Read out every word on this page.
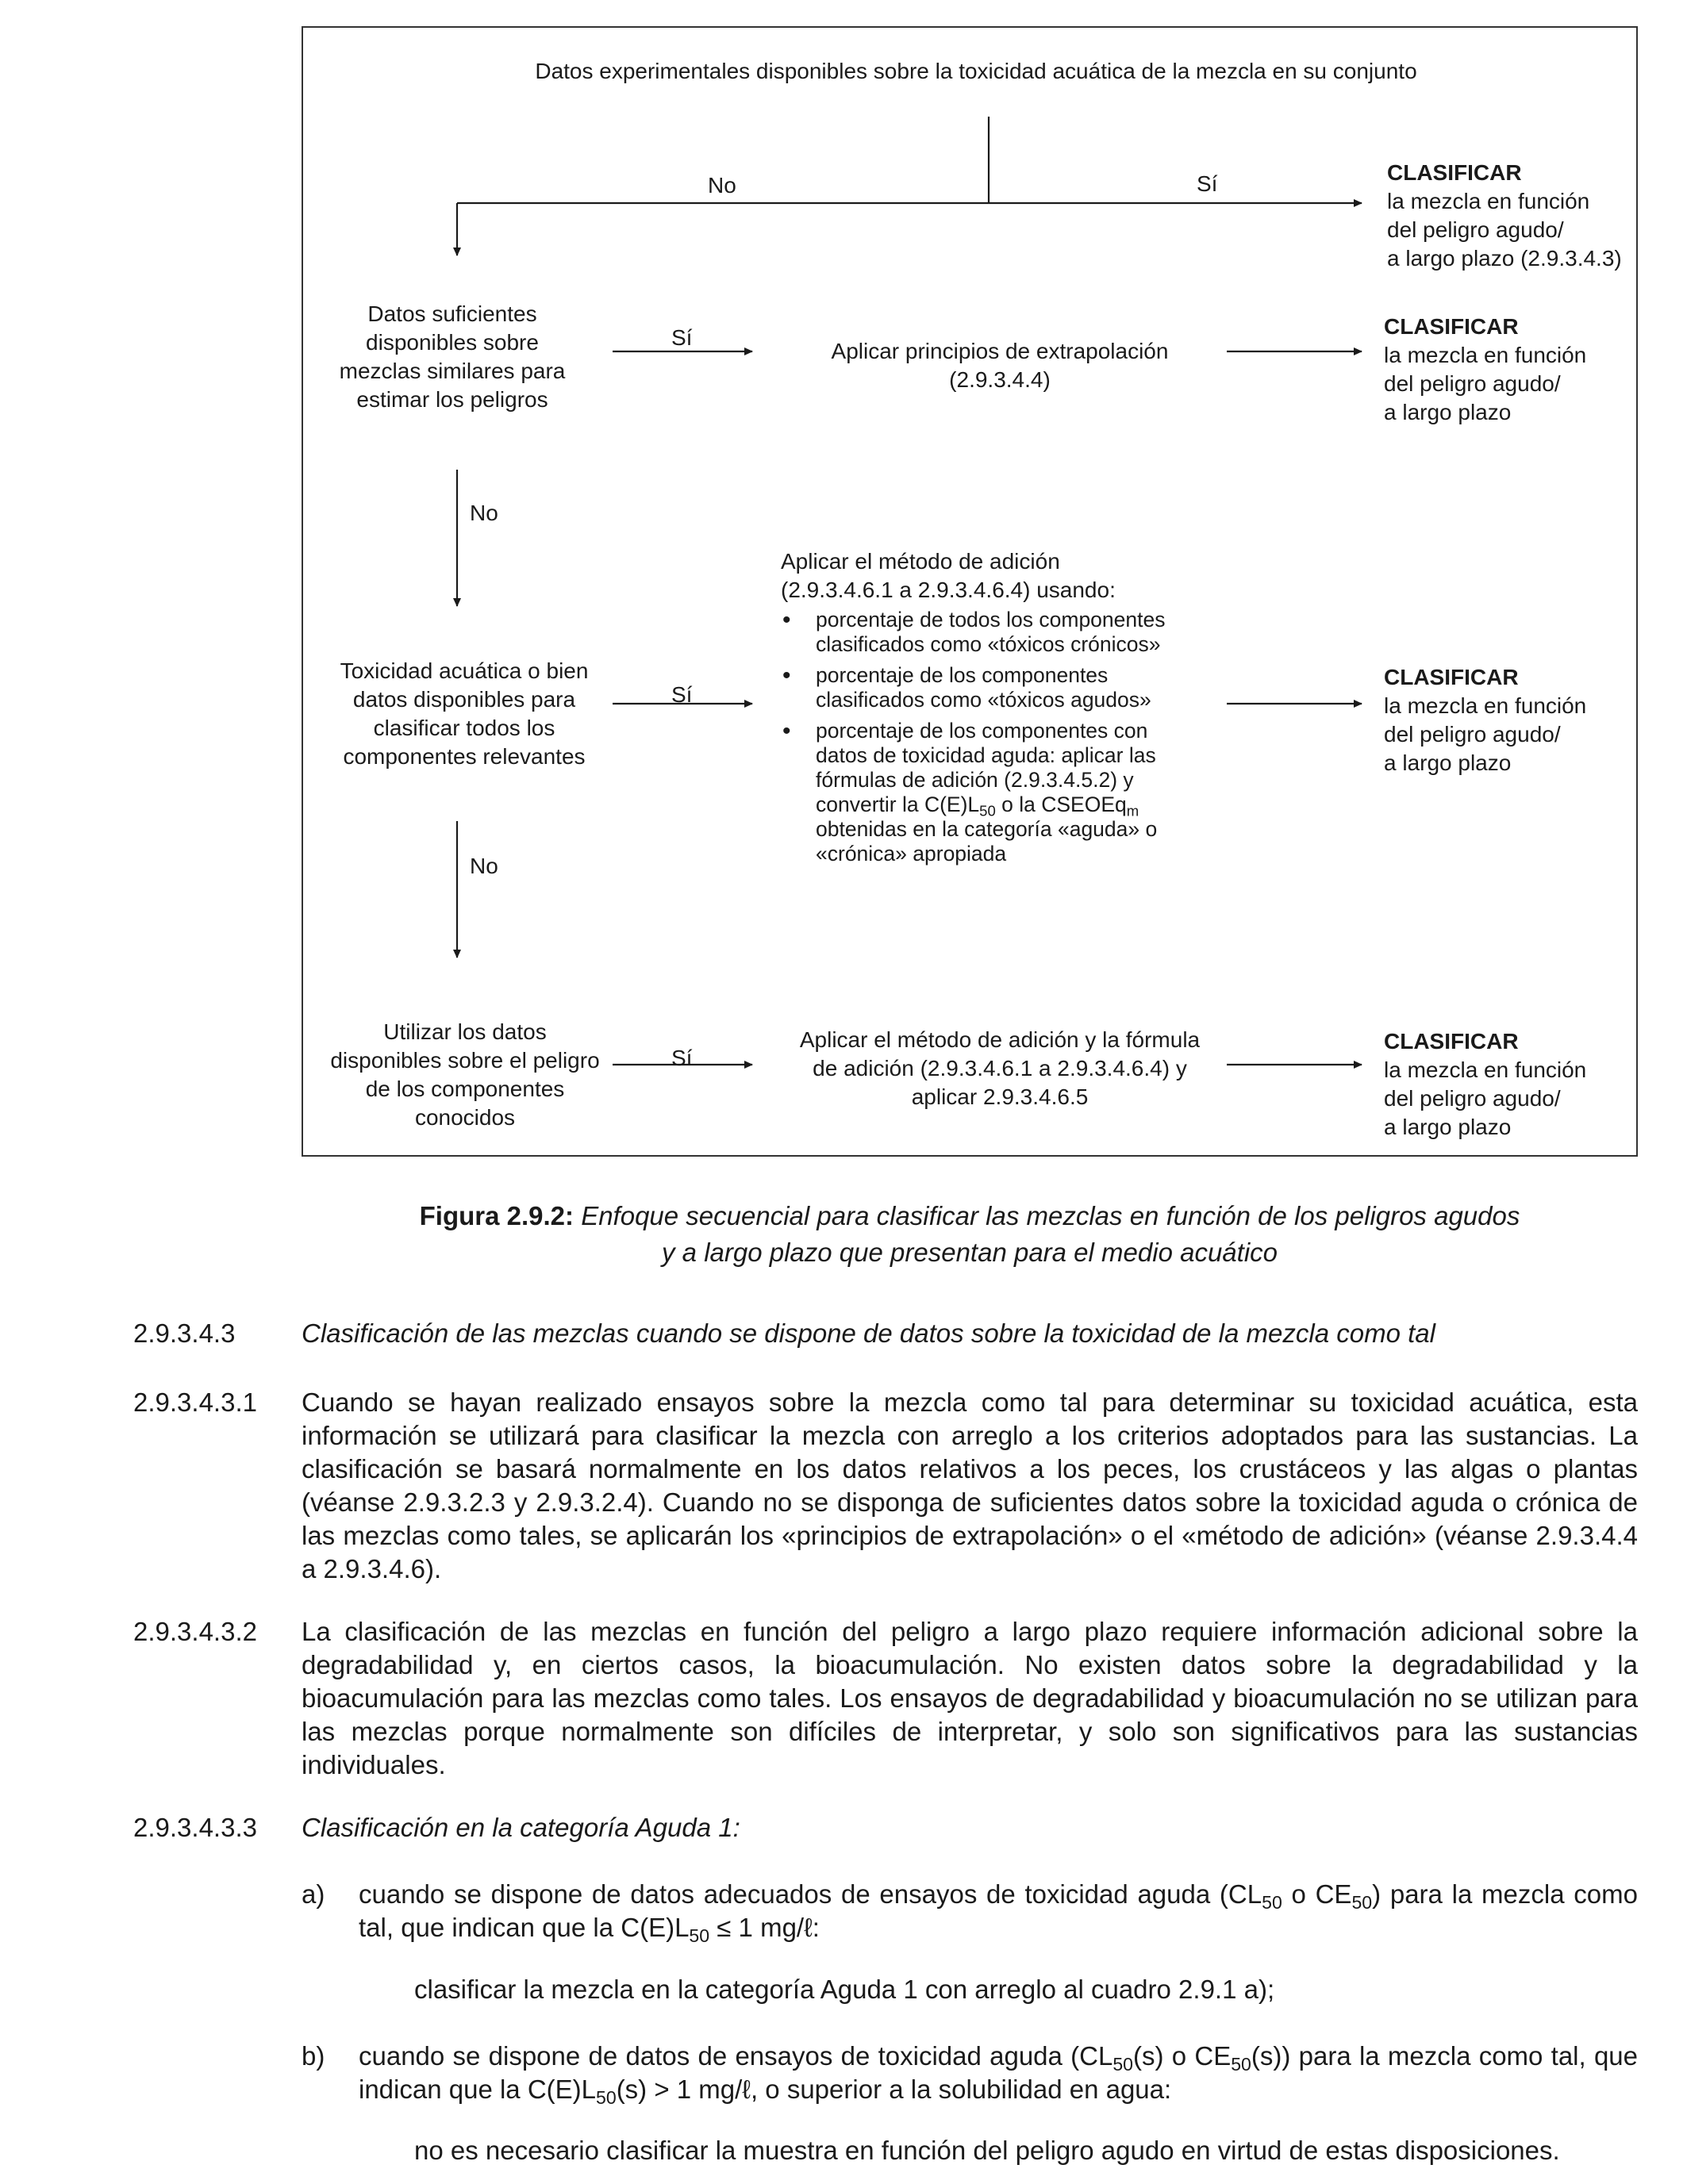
Datos experimentales disponibles sobre la toxicidad acuática de la mezcla en su conjunto
No	Sí	CLASIFICAR
la mezcla en función
del peligro agudo/
a largo plazo (2.9.3.4.3)
Datos suficientes
disponibles sobre
mezclas similares para
estimar los peligros
Sí
Aplicar principios de extrapolación
(2.9.3.4.4)
CLASIFICAR
la mezcla en función
del peligro agudo/
a largo plazo
No
Toxicidad acuática o bien
datos disponibles para
clasificar todos los
componentes relevantes
Sí
Aplicar el método de adición
(2.9.3.4.6.1 a 2.9.3.4.6.4) usando:
• porcentaje de todos los componentes clasificados como «tóxicos crónicos»
• porcentaje de los componentes clasificados como «tóxicos agudos»
• porcentaje de los componentes con datos de toxicidad aguda: aplicar las fórmulas de adición (2.9.3.4.5.2) y convertir la $C(E)L_{50}$ o la CSEOEq$_m$ obtenidas en la categoría «aguda» o «crónica» apropiada
CLASIFICAR
la mezcla en función
del peligro agudo/
a largo plazo
No
Utilizar los datos
disponibles sobre el peligro
de los componentes
conocidos
Sí
Aplicar el método de adición y la fórmula
de adición (2.9.3.4.6.1 a 2.9.3.4.6.4) y
aplicar 2.9.3.4.6.5
CLASIFICAR
la mezcla en función
del peligro agudo/
a largo plazo
Figura 2.9.2: Enfoque secuencial para clasificar las mezclas en función de los peligros agudos
y a largo plazo que presentan para el medio acuático
2.9.3.4.3	Clasificación de las mezclas cuando se dispone de datos sobre la toxicidad de la mezcla como tal
2.9.3.4.3.1 Cuando se hayan realizado ensayos sobre la mezcla como tal para determinar su toxicidad acuática, esta información se utilizará para clasificar la mezcla con arreglo a los criterios adoptados para las sustancias. La clasificación se basará normalmente en los datos relativos a los peces, los crustáceos y las algas o plantas (véanse 2.9.3.2.3 y 2.9.3.2.4). Cuando no se disponga de suficientes datos sobre la toxicidad aguda o crónica de las mezclas como tales, se aplicarán los «principios de extrapolación» o el «método de adición» (véanse 2.9.3.4.4 a 2.9.3.4.6).
2.9.3.4.3.2 La clasificación de las mezclas en función del peligro a largo plazo requiere información adicional sobre la degradabilidad y, en ciertos casos, la bioacumulación. No existen datos sobre la degradabilidad y la bioacumulación para las mezclas como tales. Los ensayos de degradabilidad y bioacumulación no se utilizan para las mezclas porque normalmente son difíciles de interpretar, y solo son significativos para las sustancias individuales.
2.9.3.4.3.3 Clasificación en la categoría Aguda 1:
a) cuando se dispone de datos adecuados de ensayos de toxicidad aguda ($CL_{50}$ o $CE_{50}$) para la mezcla como tal, que indican que la $C(E)L_{50} \le 1$ mg/ℓ:
clasificar la mezcla en la categoría Aguda 1 con arreglo al cuadro 2.9.1 a);
b) cuando se dispone de datos de ensayos de toxicidad aguda ($CL_{50}(s)$ o $CE_{50}(s)$) para la mezcla como tal, que indican que la $C(E)L_{50}(s) > 1$ mg/ℓ, o superior a la solubilidad en agua:
no es necesario clasificar la muestra en función del peligro agudo en virtud de estas disposiciones.
